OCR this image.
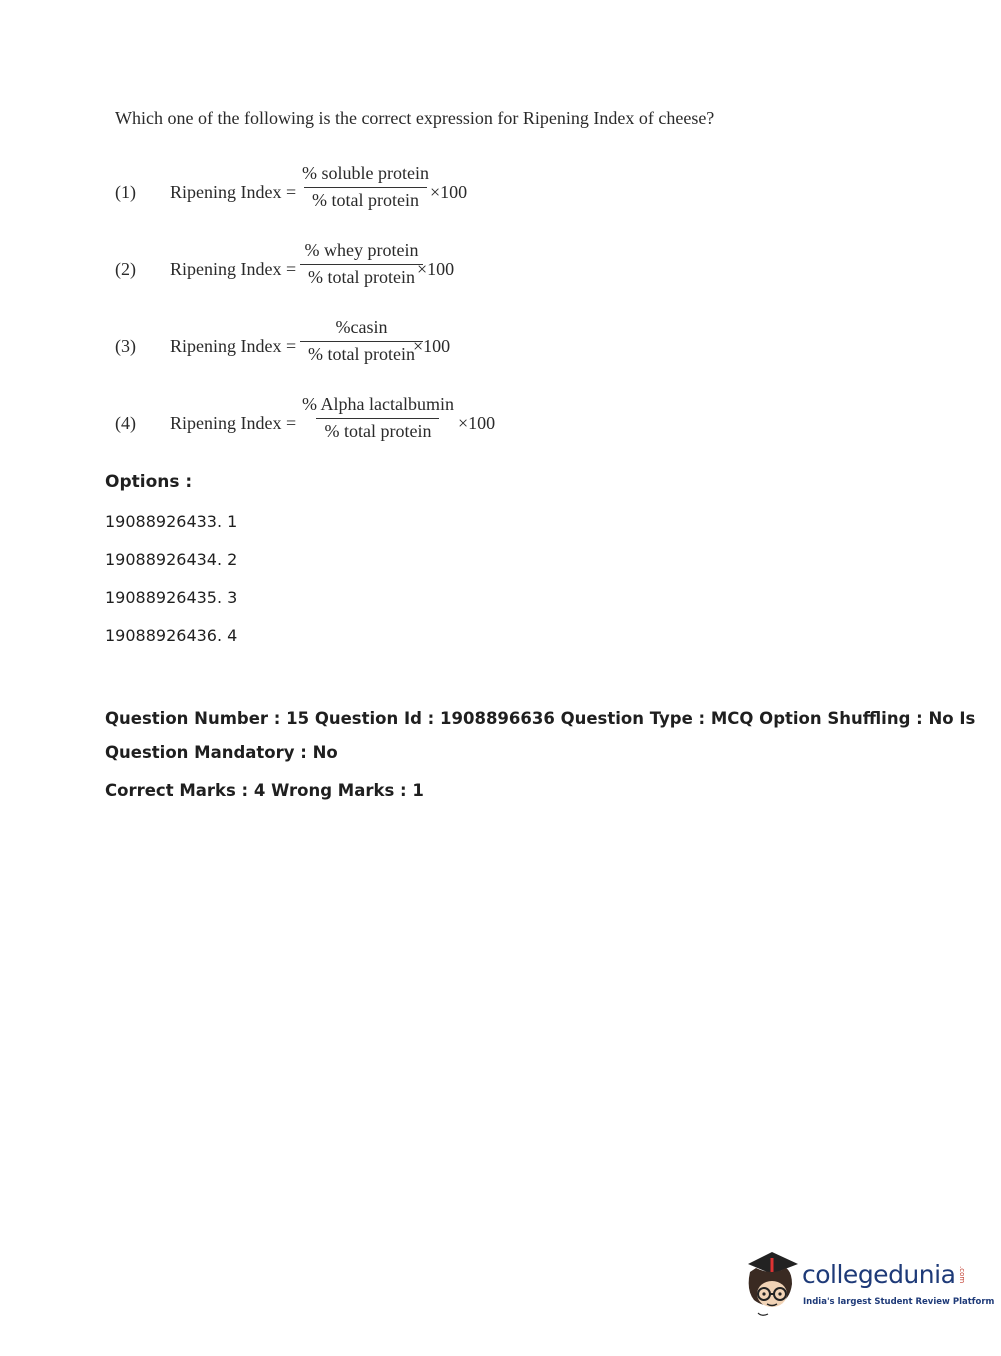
Which one of the following is the correct expression for Ripening Index of cheese?
(1) Ripening Index =
% soluble protein
% total protein ×100
(2) Ripening Index =
% whey protein
% total protein ×100
(3) Ripening Index =
%casin
% total protein
×100
(4) Ripening Index =
% Alpha lactalbumin
% total protein	×100
Options :
19088926433. 1
19088926434. 2
19088926435. 3
19088926436. 4
Question Number : 15 Question Id : 1908896636 Question Type : MCQ Option Shuffling : No Is
Question Mandatory : No
Correct Marks : 4 Wrong Marks : 1
collegedunia .com
India's largest Student Review Platform
